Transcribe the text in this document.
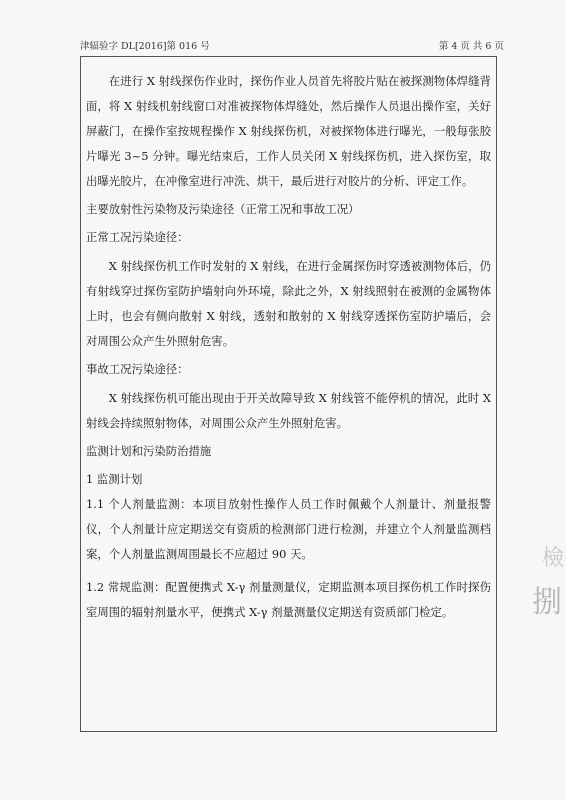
津辐验字 DL[2016]第 016 号	第 4 页 共 6 页

在进行 X 射线探伤作业时，探伤作业人员首先将胶片贴在被探测物体焊缝背面，将 X 射线机射线窗口对准被探物体焊缝处，然后操作人员退出操作室，关好屏蔽门，在操作室按规程操作 X 射线探伤机，对被探物体进行曝光，一般每张胶片曝光 3~5 分钟。曝光结束后，工作人员关闭 X 射线探伤机，进入探伤室，取出曝光胶片，在冲像室进行冲洗、烘干，最后进行对胶片的分析、评定工作。

主要放射性污染物及污染途径（正常工况和事故工况）

正常工况污染途径：

X 射线探伤机工作时发射的 X 射线，在进行金属探伤时穿透被测物体后，仍有射线穿过探伤室防护墙射向外环境，除此之外，X 射线照射在被测的金属物体上时，也会有侧向散射 X 射线，透射和散射的 X 射线穿透探伤室防护墙后，会对周围公众产生外照射危害。

事故工况污染途径：

X 射线探伤机可能出现由于开关故障导致 X 射线管不能停机的情况，此时 X 射线会持续照射物体，对周围公众产生外照射危害。

监测计划和污染防治措施

1 监测计划

1.1 个人剂量监测：本项目放射性操作人员工作时佩戴个人剂量计、剂量报警仪，个人剂量计应定期送交有资质的检测部门进行检测，并建立个人剂量监测档案，个人剂量监测周围最长不应超过 90 天。

1.2 常规监测：配置便携式 X-γ 剂量测量仪，定期监测本项目探伤机工作时探伤室周围的辐射剂量水平，便携式 X-γ 剂量测量仪定期送有资质部门检定。

檢
捌
